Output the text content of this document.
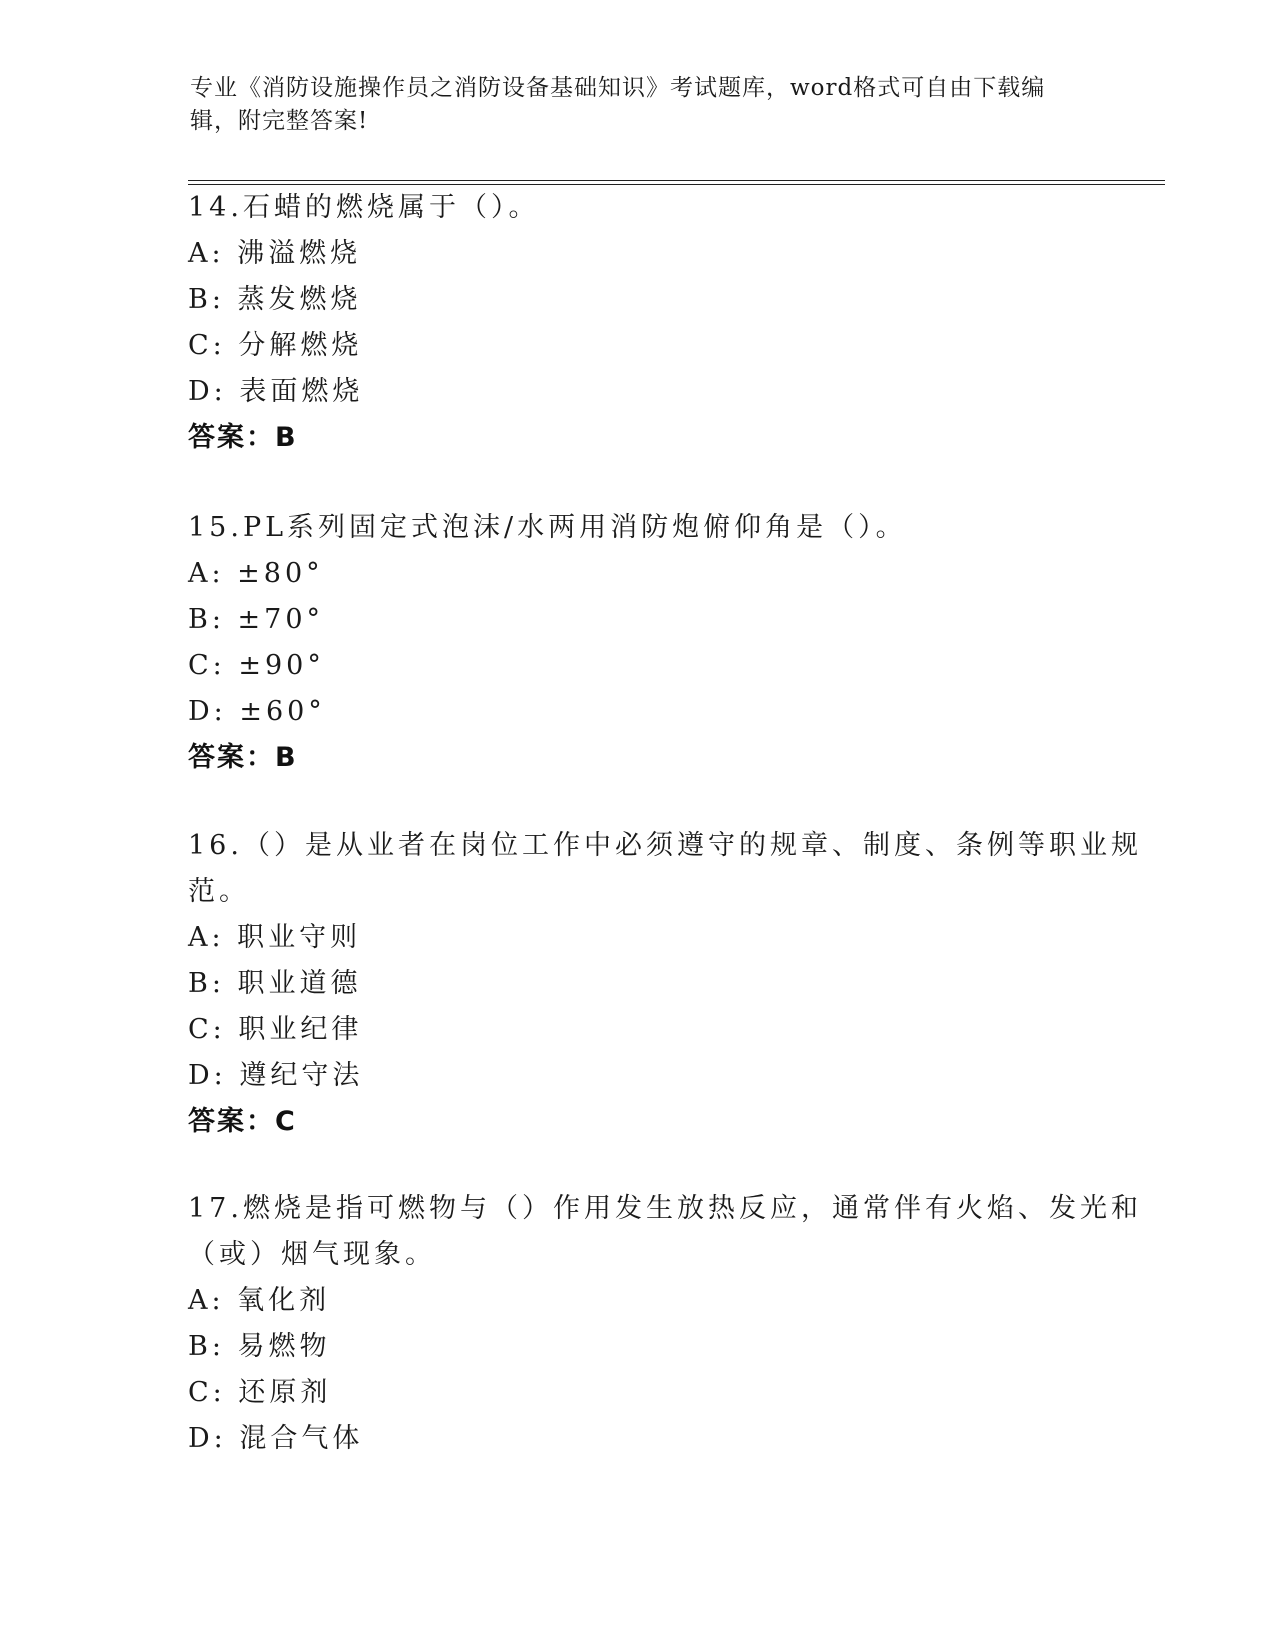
专业《消防设施操作员之消防设备基础知识》考试题库，word格式可自由下载编
辑，附完整答案!
14.石蜡的燃烧属于（）。
A: 沸溢燃烧
B: 蒸发燃烧
C: 分解燃烧
D: 表面燃烧
答案：B
15.PL系列固定式泡沫/水两用消防炮俯仰角是（）。
A: ±80°
B: ±70°
C: ±90°
D: ±60°
答案：B
16.（）是从业者在岗位工作中必须遵守的规章、制度、条例等职业规
范。
A: 职业守则
B: 职业道德
C: 职业纪律
D: 遵纪守法
答案：C
17.燃烧是指可燃物与（）作用发生放热反应，通常伴有火焰、发光和
（或）烟气现象。
A: 氧化剂
B: 易燃物
C: 还原剂
D: 混合气体
